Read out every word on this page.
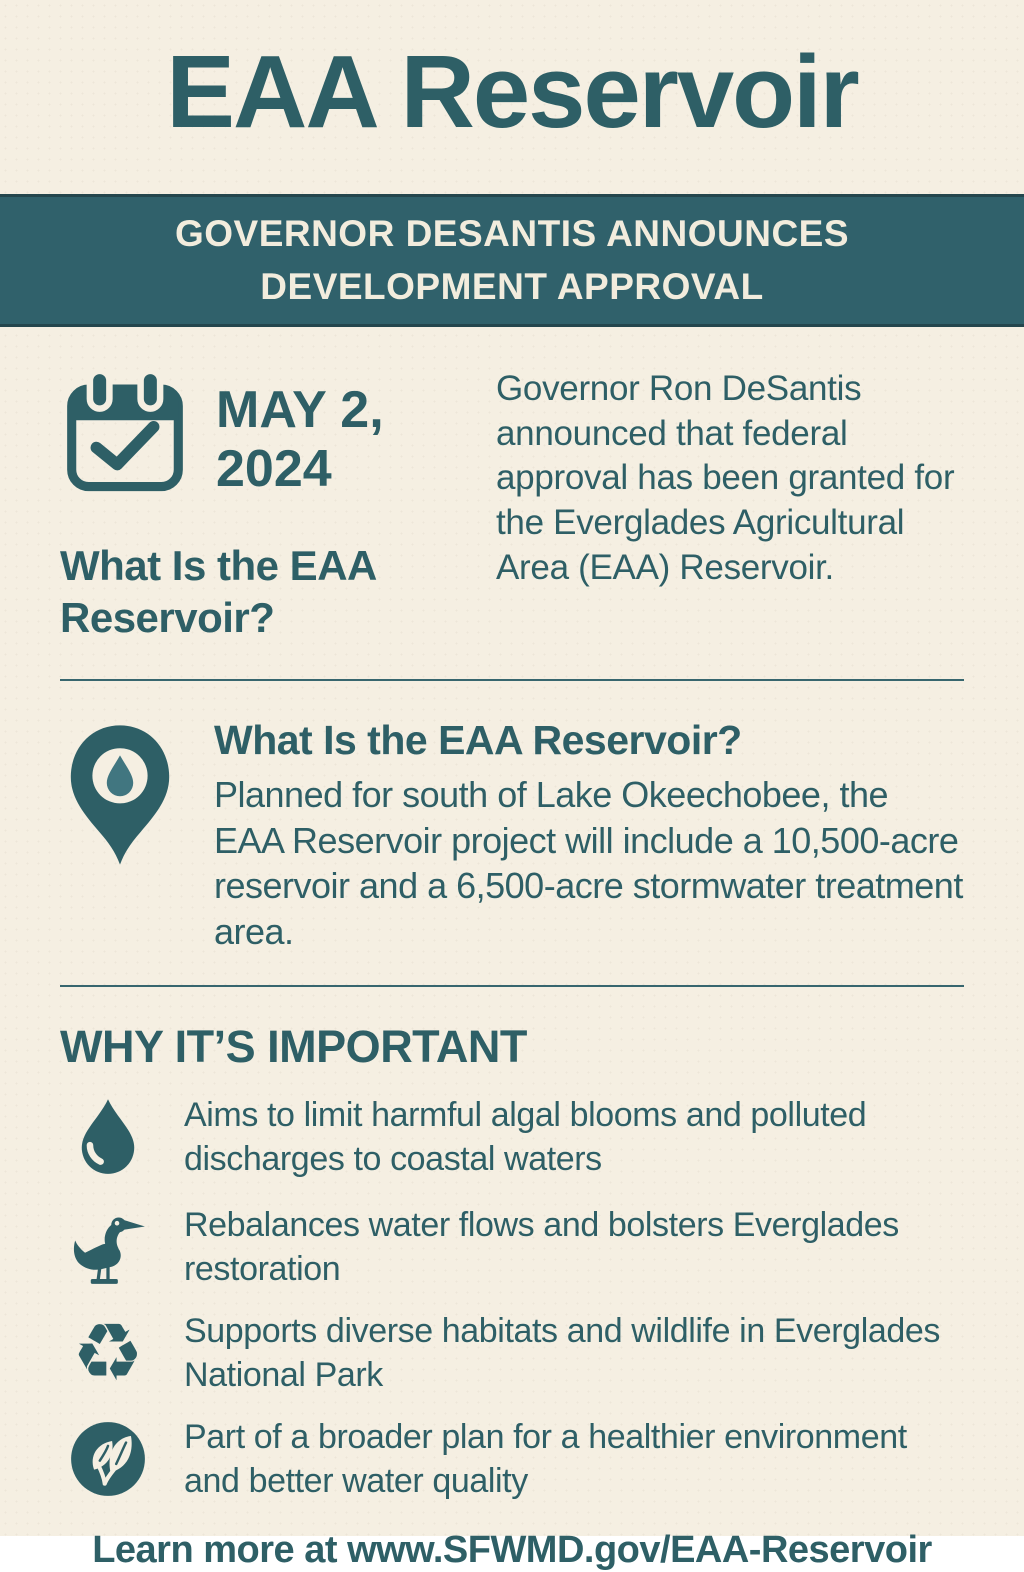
EAA Reservoir
GOVERNOR DESANTIS ANNOUNCES
DEVELOPMENT APPROVAL
MAY 2,
2024
What Is the EAA Reservoir?

Governor Ron DeSantis announced that federal approval has been granted for the Everglades Agricultural Area (EAA) Reservoir.

What Is the EAA Reservoir?

Planned for south of Lake Okeechobee, the EAA Reservoir project will include a 10,500-acre reservoir and a 6,500-acre stormwater treatment area.

WHY IT’S IMPORTANT
Aims to limit harmful algal blooms and polluted discharges to coastal waters
Rebalances water flows and bolsters Everglades restoration
♻ Supports diverse habitats and wildlife in Everglades National Park
Part of a broader plan for a healthier environment and better water quality
Learn more at www.SFWMD.gov/EAA-Reservoir
